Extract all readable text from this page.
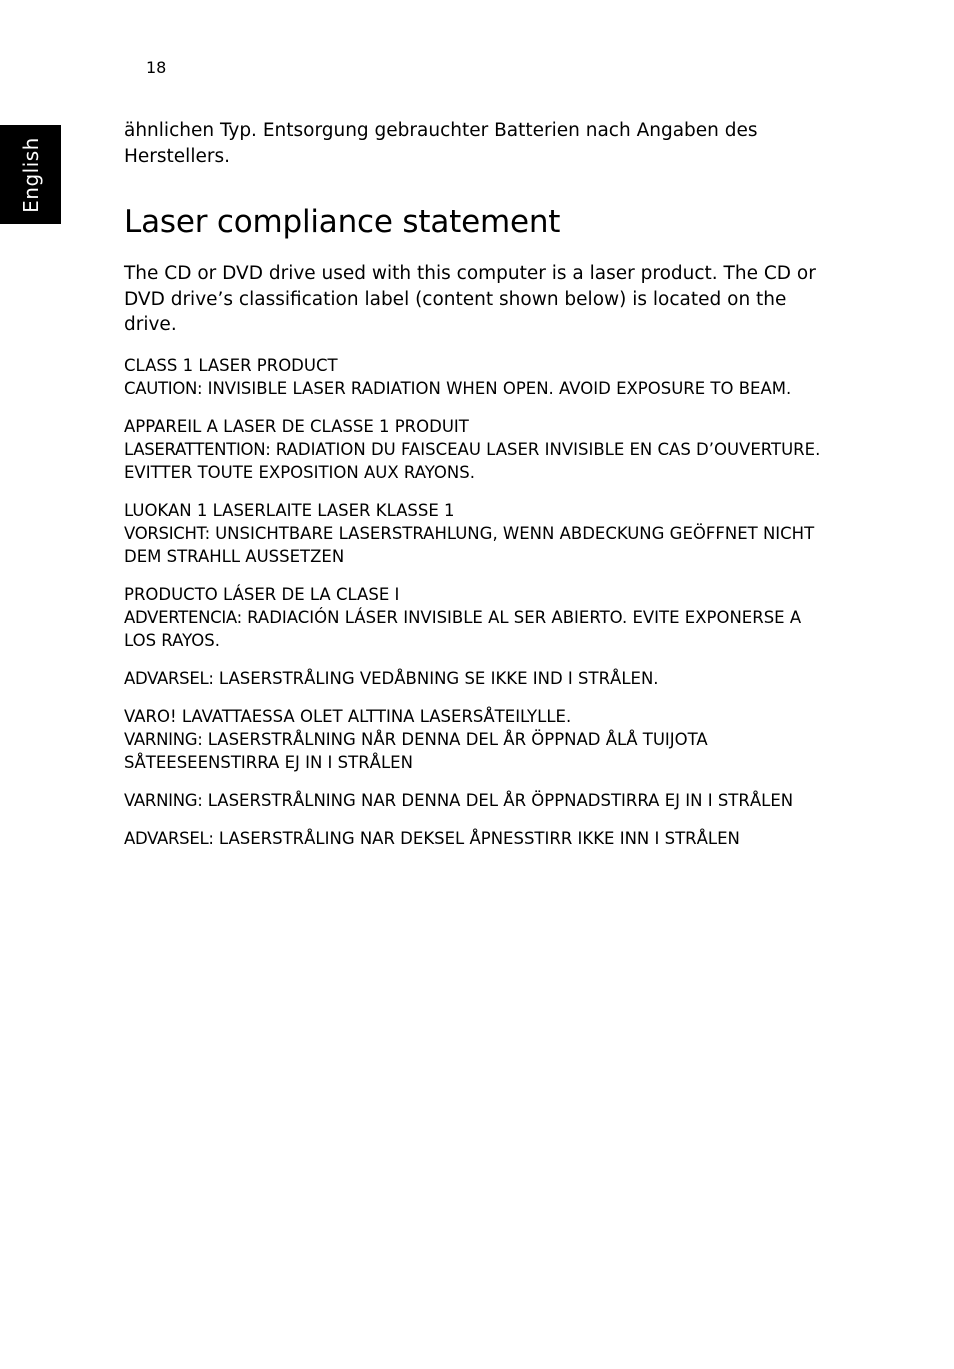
18
English

ähnlichen Typ. Entsorgung gebrauchter Batterien nach Angaben des Herstellers.

Laser compliance statement

The CD or DVD drive used with this computer is a laser product. The CD or DVD drive’s classification label (content shown below) is located on the drive.

CLASS 1 LASER PRODUCT

CAUTION: INVISIBLE LASER RADIATION WHEN OPEN. AVOID EXPOSURE TO BEAM.

APPAREIL A LASER DE CLASSE 1 PRODUIT

LASERATTENTION: RADIATION DU FAISCEAU LASER INVISIBLE EN CAS D’OUVERTURE. EVITTER TOUTE EXPOSITION AUX RAYONS.

LUOKAN 1 LASERLAITE LASER KLASSE 1

VORSICHT: UNSICHTBARE LASERSTRAHLUNG, WENN ABDECKUNG GEÖFFNET NICHT DEM STRAHLL AUSSETZEN

PRODUCTO LÁSER DE LA CLASE I

ADVERTENCIA: RADIACIÓN LÁSER INVISIBLE AL SER ABIERTO. EVITE EXPONERSE A LOS RAYOS.

ADVARSEL: LASERSTRÅLING VEDÅBNING SE IKKE IND I STRÅLEN.

VARO! LAVATTAESSA OLET ALTTINA LASERSÅTEILYLLE.

VARNING: LASERSTRÅLNING NÅR DENNA DEL ÅR ÖPPNAD ÅLÅ TUIJOTA SÅTEESEENSTIRRA EJ IN I STRÅLEN

VARNING: LASERSTRÅLNING NAR DENNA DEL ÅR ÖPPNADSTIRRA EJ IN I STRÅLEN

ADVARSEL: LASERSTRÅLING NAR DEKSEL ÅPNESSTIRR IKKE INN I STRÅLEN
